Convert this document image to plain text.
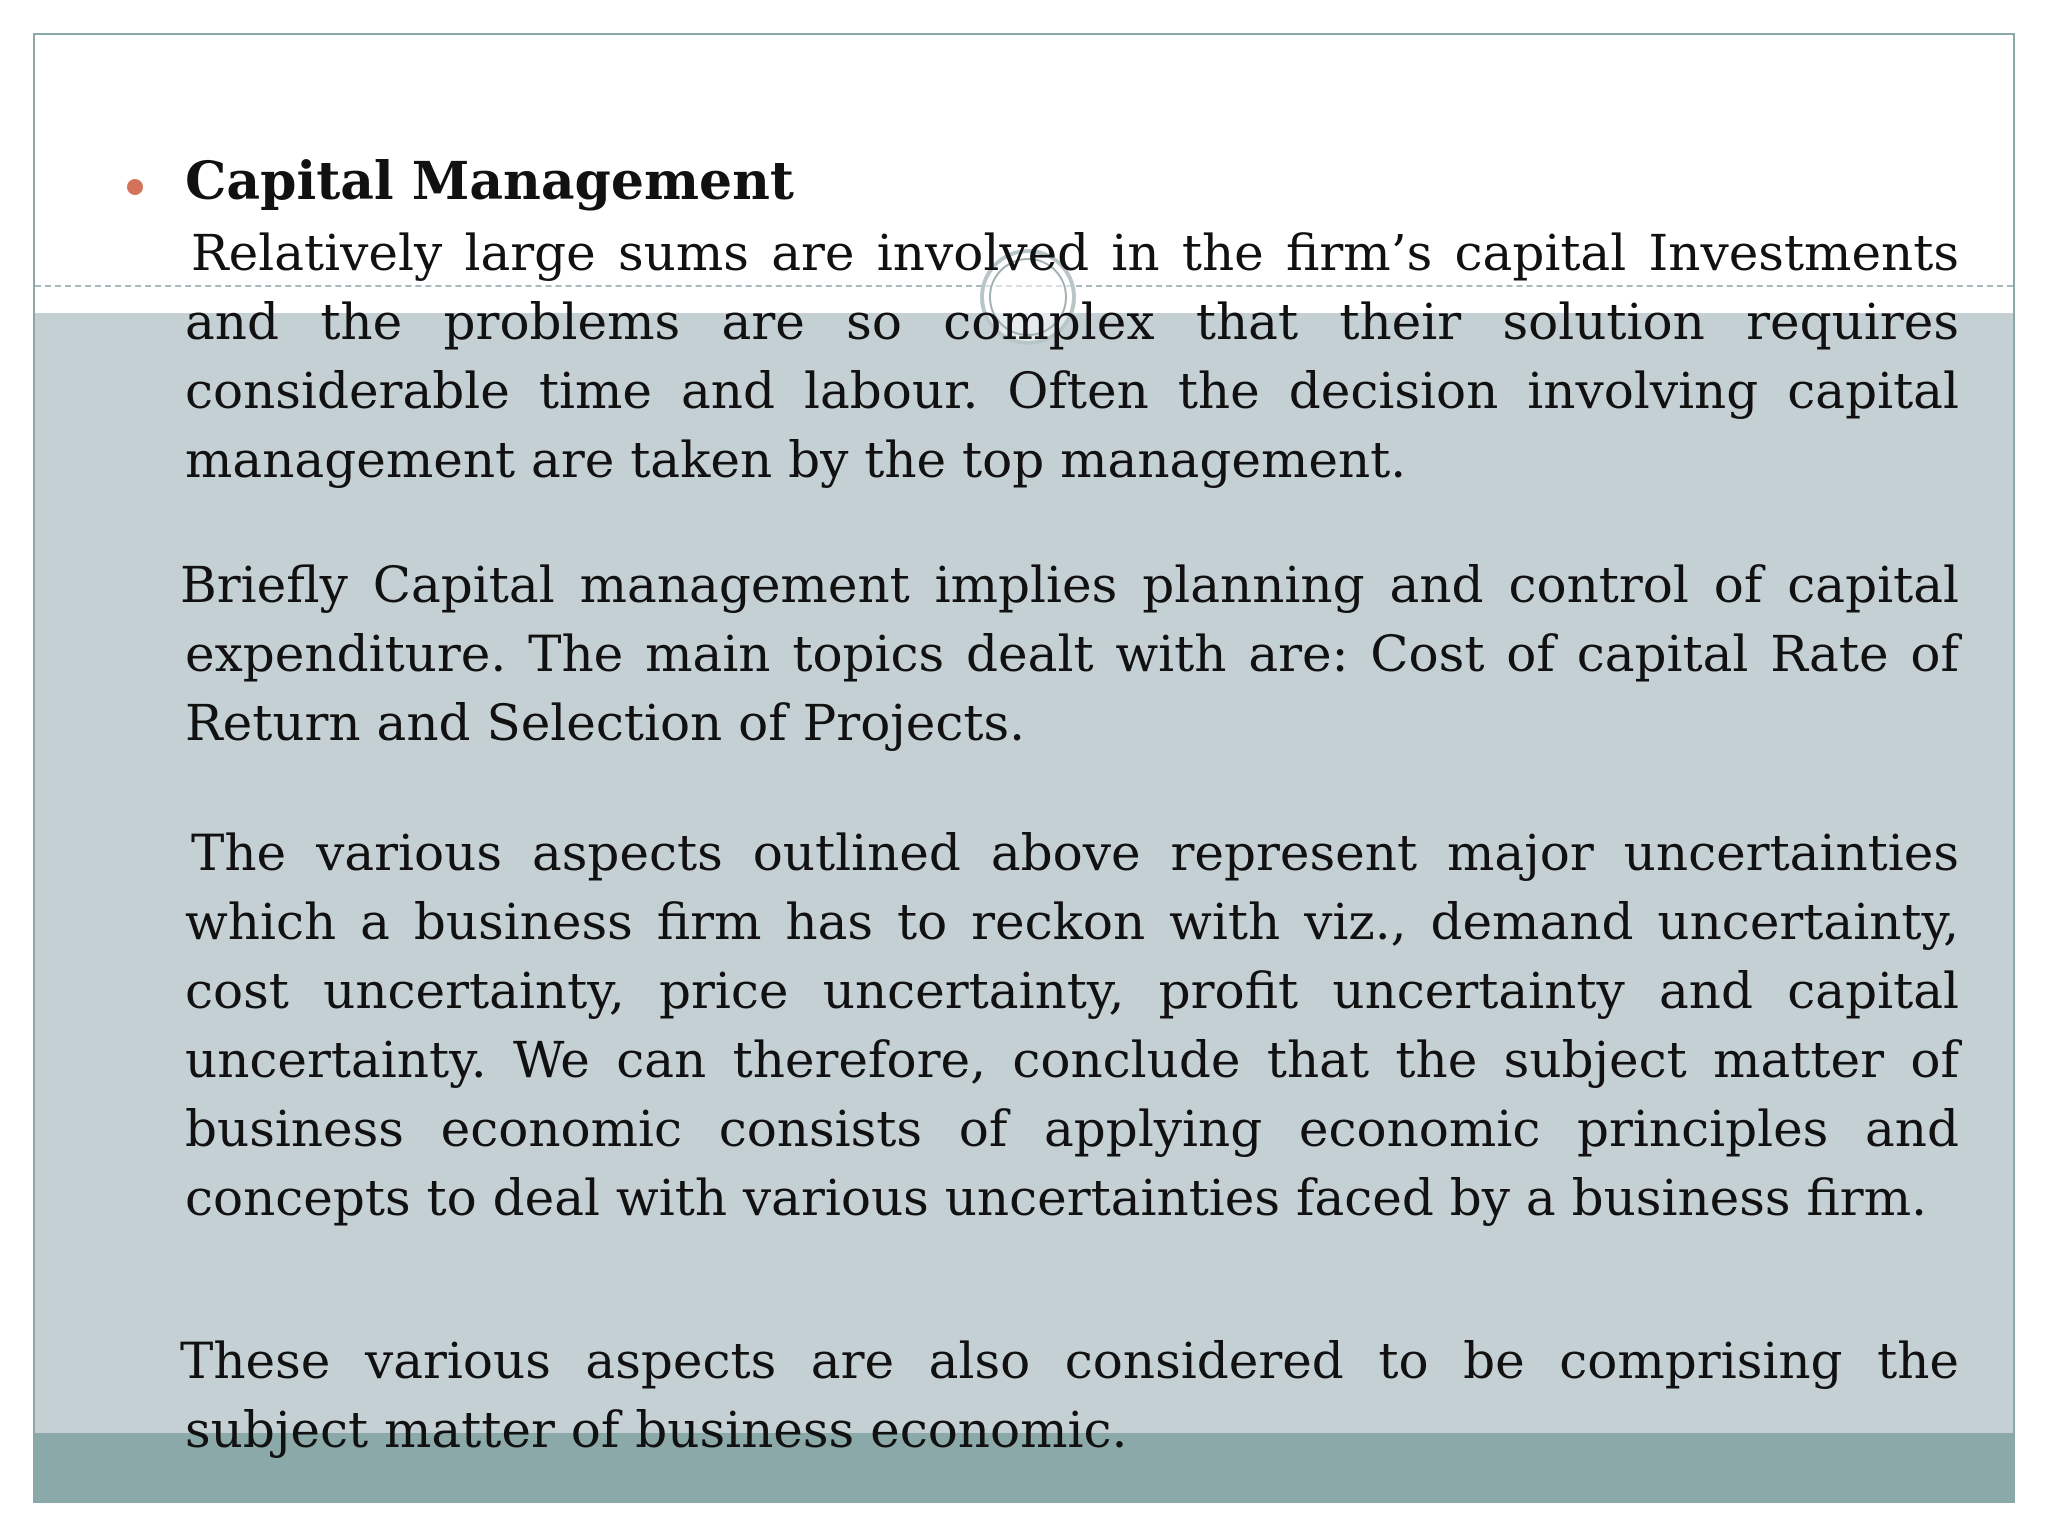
Capital Management

Relatively large sums are involved in the firm’s capital Investments and the problems are so complex that their solution requires considerable time and labour. Often the decision involving capital management are taken by the top management.

Briefly Capital management implies planning and control of capital expenditure. The main topics dealt with are: Cost of capital Rate of Return and Selection of Projects.

The various aspects outlined above represent major uncertainties which a business firm has to reckon with viz., demand uncertainty, cost uncertainty, price uncertainty, profit uncertainty and capital uncertainty. We can therefore, conclude that the subject matter of business economic consists of applying economic principles and concepts to deal with various uncertainties faced by a business firm.

These various aspects are also considered to be comprising the subject matter of business economic.
